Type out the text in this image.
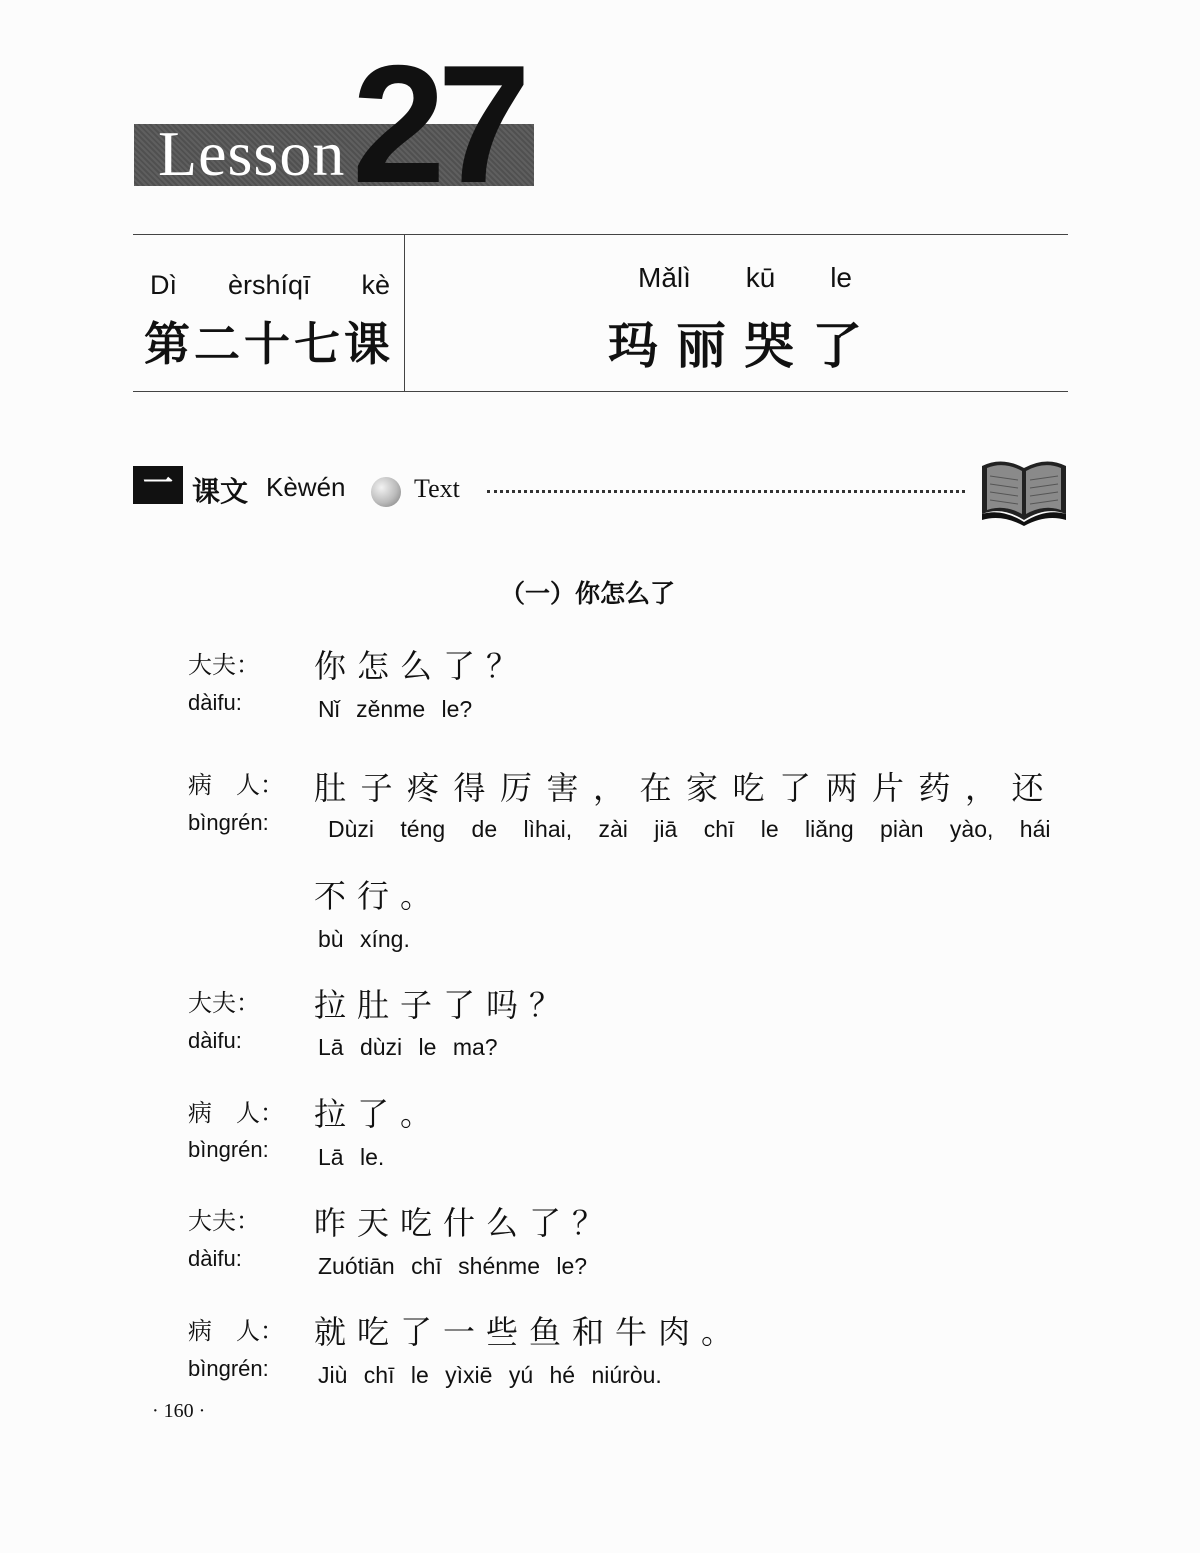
Lesson 27
Dì èrshíqī kè
第二十七课
Mǎlì kū le
玛丽哭了
一 课文 Kèwén	Text
（一）你怎么了
大夫：
dàifu:
你怎么了？
Nǐ zěnme le?
病　人：
bìngrén:
肚子疼得厉害，在家吃了两片药，还
Dùzi téng de lìhai, zài jiā chī le liǎng piàn yào, hái
不行。
bù xíng.
大夫：
dàifu:
拉肚子了吗？
Lā dùzi le ma?
病　人：
bìngrén:
拉了。
Lā le.
大夫：
dàifu:
昨天吃什么了？
Zuótiān chī shénme le?
病　人：
bìngrén:
就吃了一些鱼和牛肉。
Jiù chī le yìxiē yú hé niúròu.
· 160 ·
